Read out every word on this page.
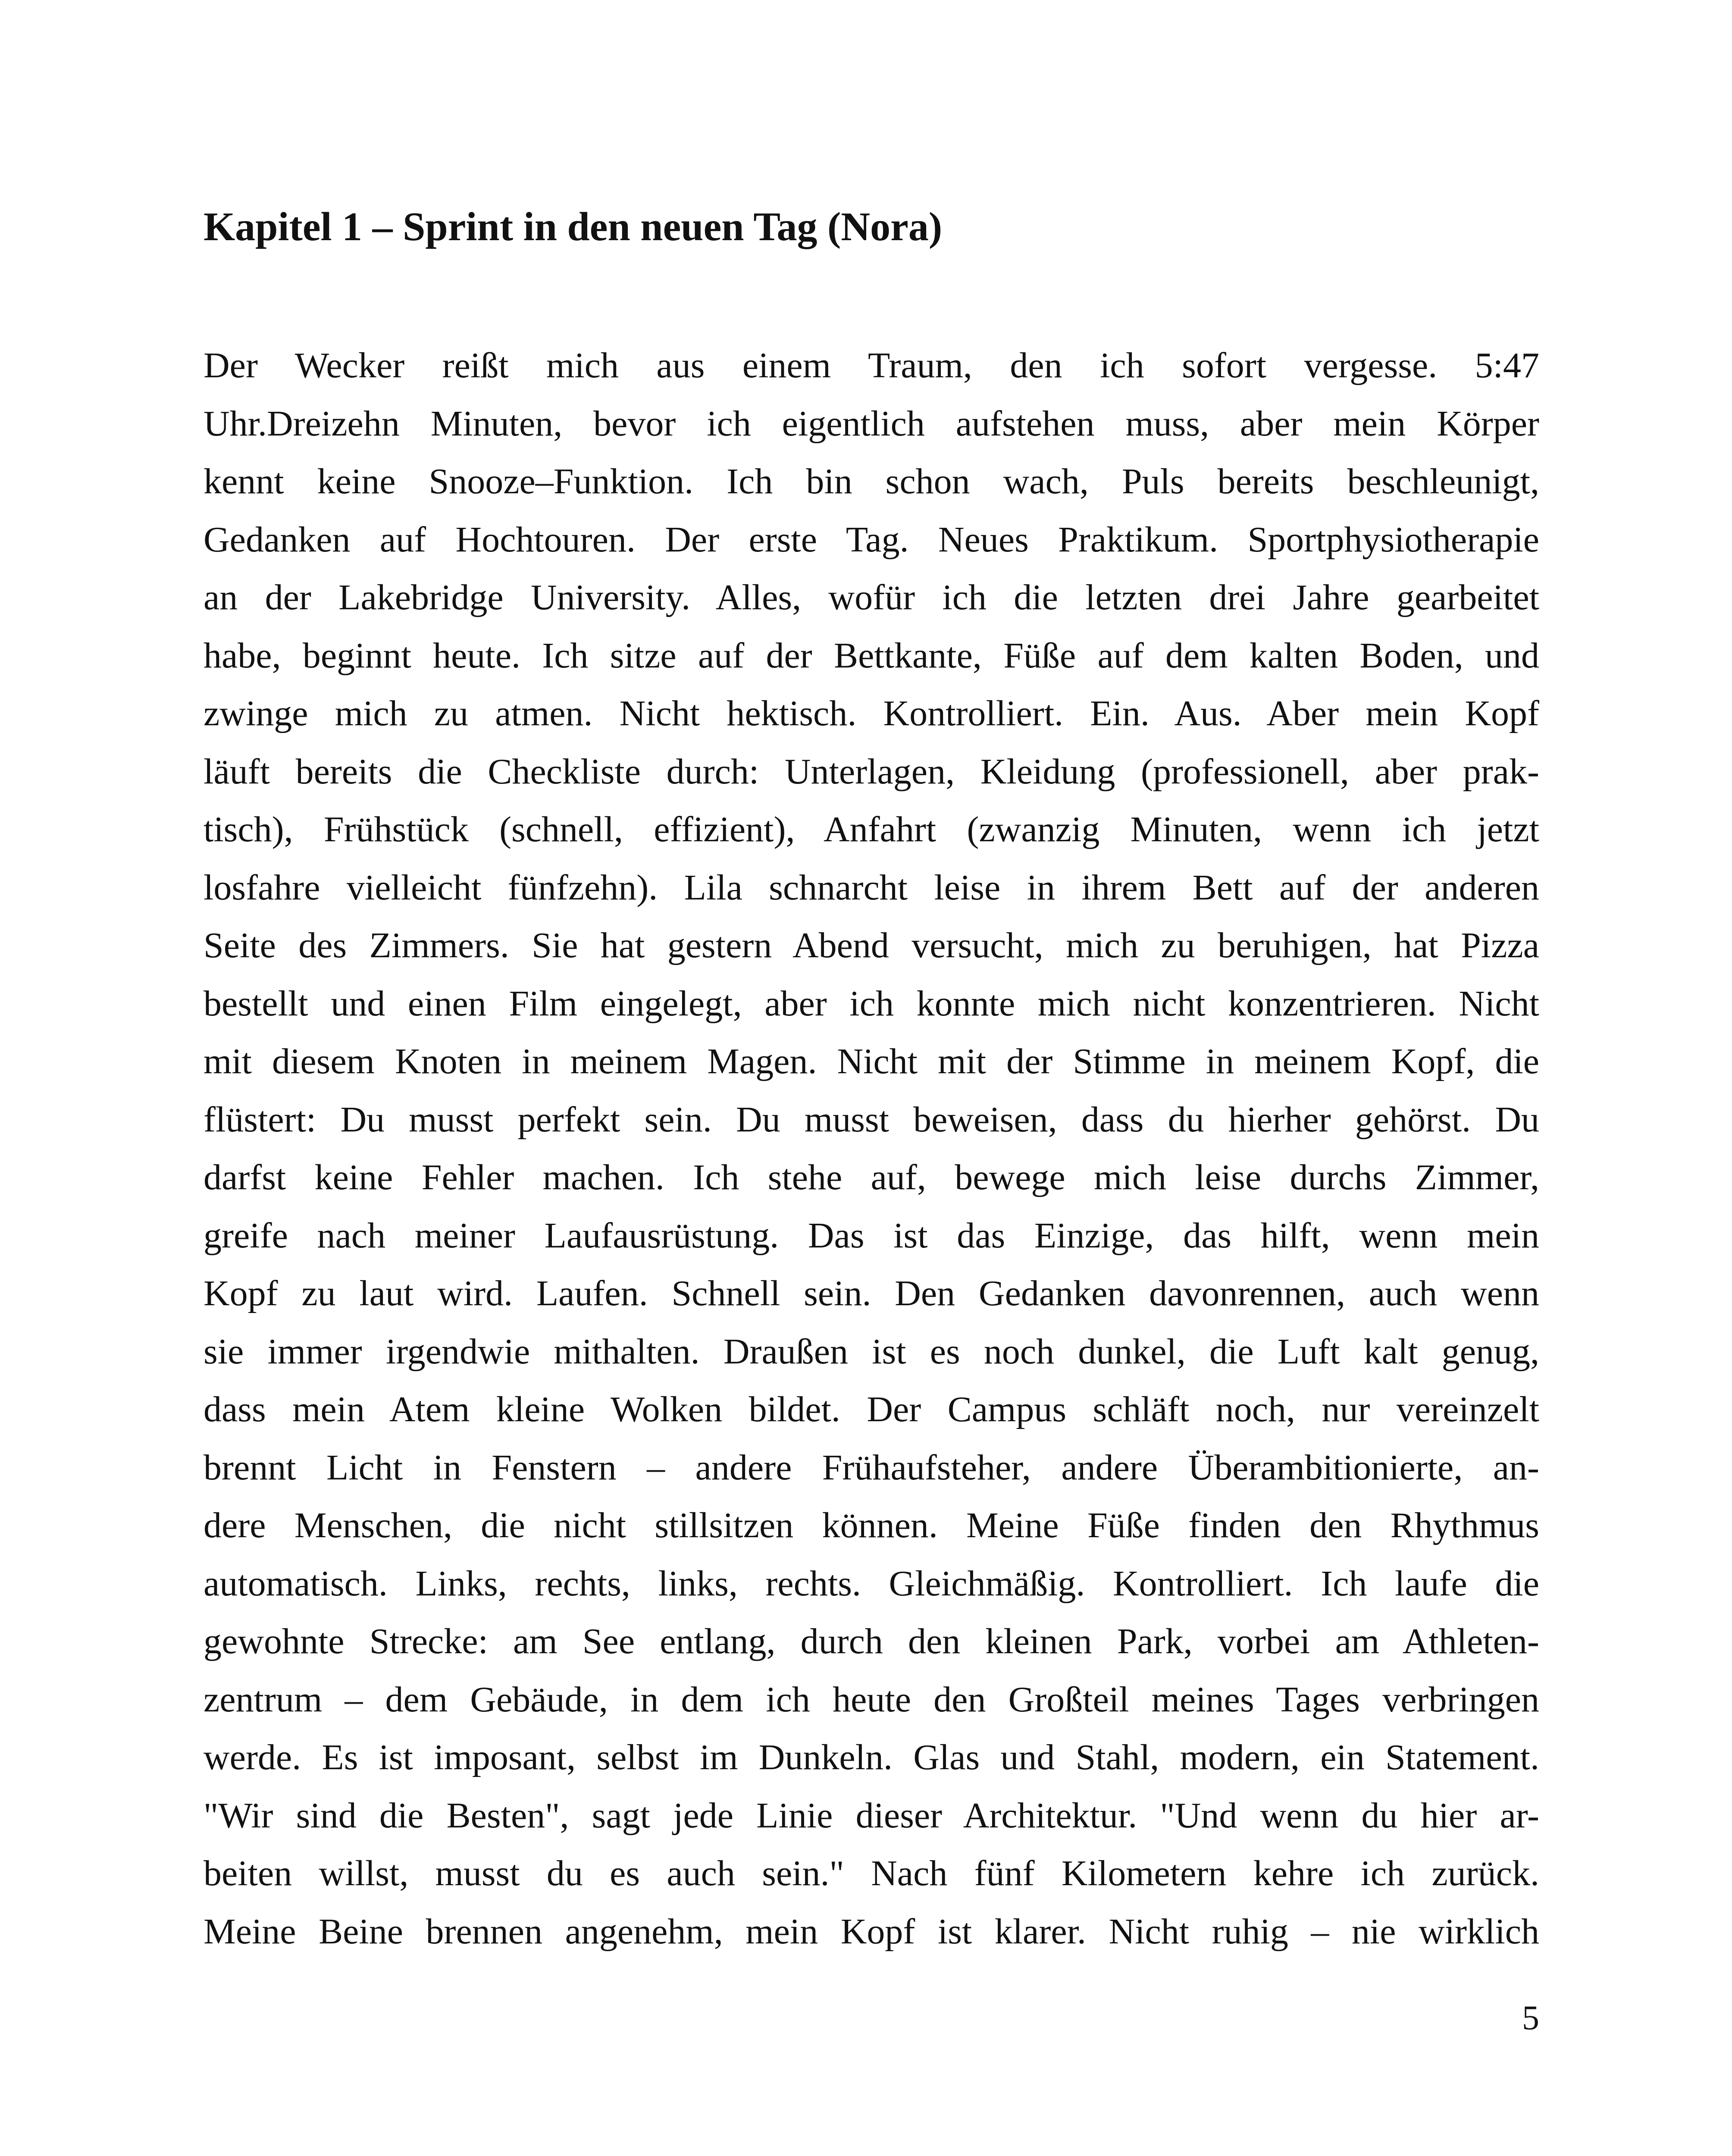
Kapitel 1 – Sprint in den neuen Tag (Nora)
Der Wecker reißt mich aus einem Traum, den ich sofort vergesse. 5:47
Uhr.Dreizehn Minuten, bevor ich eigentlich aufstehen muss, aber mein Körper
kennt keine Snooze–Funktion. Ich bin schon wach, Puls bereits beschleunigt,
Gedanken auf Hochtouren. Der erste Tag. Neues Praktikum. Sportphysiotherapie
an der Lakebridge University. Alles, wofür ich die letzten drei Jahre gearbeitet
habe, beginnt heute. Ich sitze auf der Bettkante, Füße auf dem kalten Boden, und
zwinge mich zu atmen. Nicht hektisch. Kontrolliert. Ein. Aus. Aber mein Kopf
läuft bereits die Checkliste durch: Unterlagen, Kleidung (professionell, aber prak-
tisch), Frühstück (schnell, effizient), Anfahrt (zwanzig Minuten, wenn ich jetzt
losfahre vielleicht fünfzehn). Lila schnarcht leise in ihrem Bett auf der anderen
Seite des Zimmers. Sie hat gestern Abend versucht, mich zu beruhigen, hat Pizza
bestellt und einen Film eingelegt, aber ich konnte mich nicht konzentrieren. Nicht
mit diesem Knoten in meinem Magen. Nicht mit der Stimme in meinem Kopf, die
flüstert: Du musst perfekt sein. Du musst beweisen, dass du hierher gehörst. Du
darfst keine Fehler machen. Ich stehe auf, bewege mich leise durchs Zimmer,
greife nach meiner Laufausrüstung. Das ist das Einzige, das hilft, wenn mein
Kopf zu laut wird. Laufen. Schnell sein. Den Gedanken davonrennen, auch wenn
sie immer irgendwie mithalten. Draußen ist es noch dunkel, die Luft kalt genug,
dass mein Atem kleine Wolken bildet. Der Campus schläft noch, nur vereinzelt
brennt Licht in Fenstern – andere Frühaufsteher, andere Überambitionierte, an-
dere Menschen, die nicht stillsitzen können. Meine Füße finden den Rhythmus
automatisch. Links, rechts, links, rechts. Gleichmäßig. Kontrolliert. Ich laufe die
gewohnte Strecke: am See entlang, durch den kleinen Park, vorbei am Athleten-
zentrum – dem Gebäude, in dem ich heute den Großteil meines Tages verbringen
werde. Es ist imposant, selbst im Dunkeln. Glas und Stahl, modern, ein Statement.
"Wir sind die Besten", sagt jede Linie dieser Architektur. "Und wenn du hier ar-
beiten willst, musst du es auch sein." Nach fünf Kilometern kehre ich zurück.
Meine Beine brennen angenehm, mein Kopf ist klarer. Nicht ruhig – nie wirklich
5
